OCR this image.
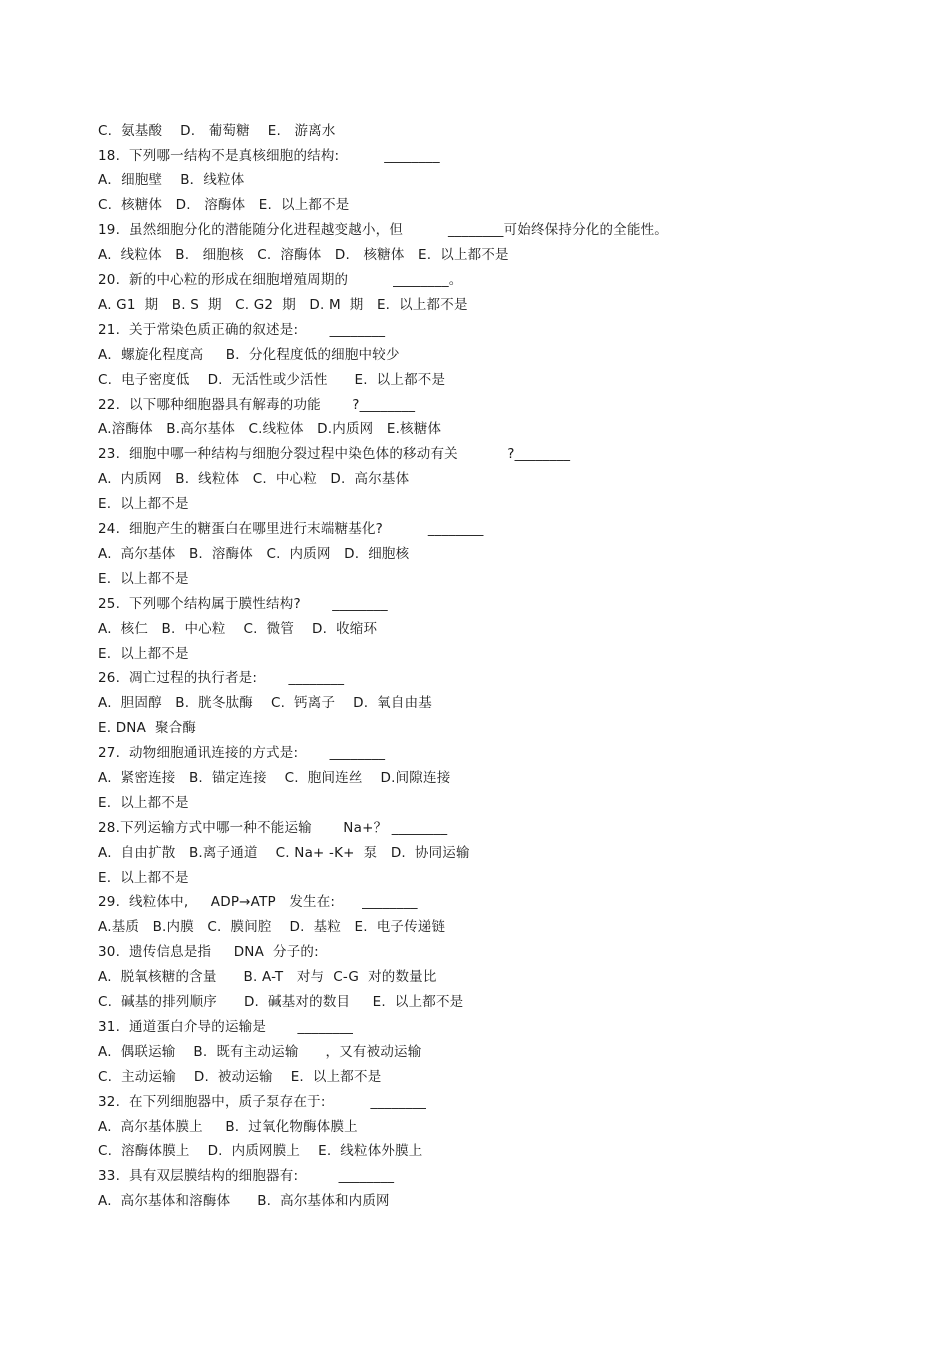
C.  氨基酸    D.   葡萄糖    E.   游离水
18.  下列哪一结构不是真核细胞的结构:          ________
A．细胞壁    B．线粒体
C.  核糖体   D.   溶酶体   E.  以上都不是
19.  虽然细胞分化的潜能随分化进程越变越小，但          ________可始终保持分化的全能性。
A.  线粒体   B.   细胞核   C.  溶酶体   D.   核糖体   E.  以上都不是
20.  新的中心粒的形成在细胞增殖周期的          ________。
A. G1  期   B. S  期   C. G2  期   D. M  期   E.  以上都不是
21.  关于常染色质正确的叙述是:       ________
A．螺旋化程度高     B．分化程度低的细胞中较少
C.  电子密度低    D.  无活性或少活性      E.  以上都不是
22.  以下哪种细胞器具有解毒的功能       ?________
A.溶酶体   B.高尔基体   C.线粒体   D.内质网   E.核糖体
23.  细胞中哪一种结构与细胞分裂过程中染色体的移动有关           ?________
A.  内质网   B.  线粒体   C.  中心粒   D.  高尔基体
E.  以上都不是
24.  细胞产生的糖蛋白在哪里进行末端糖基化?          ________
A.  高尔基体   B.  溶酶体   C.  内质网   D.  细胞核
E.  以上都不是
25.  下列哪个结构属于膜性结构?       ________
A.  核仁   B.  中心粒    C.  微管    D.  收缩环
E.  以上都不是
26.  凋亡过程的执行者是:       ________
A.  胆固醇   B.  胱冬肽酶    C.  钙离子    D.  氧自由基
E. DNA  聚合酶
27.  动物细胞通讯连接的方式是:       ________
A.  紧密连接   B.  锚定连接    C.  胞间连丝    D.间隙连接
E.  以上都不是
28.下列运输方式中哪一种不能运输       Na+？ ________
A.  自由扩散   B.离子通道    C. Na+ -K+  泵   D.  协同运输
E.  以上都不是
29.  线粒体中,     ADP→ATP   发生在:      ________
A.基质   B.内膜   C.  膜间腔    D.  基粒   E.  电子传递链
30.  遗传信息是指     DNA  分子的:
A.  脱氧核糖的含量      B. A-T   对与  C-G  对的数量比
C.  碱基的排列顺序      D.  碱基对的数目     E.  以上都不是
31.  通道蛋白介导的运输是       ________
A.  偶联运输    B.  既有主动运输      ，又有被动运输
C.  主动运输    D.  被动运输    E.  以上都不是
32.  在下列细胞器中，质子泵存在于:          ________
A.  高尔基体膜上     B.  过氧化物酶体膜上
C.  溶酶体膜上    D.  内质网膜上    E.  线粒体外膜上
33.  具有双层膜结构的细胞器有:         ________
A.  高尔基体和溶酶体      B.  高尔基体和内质网
